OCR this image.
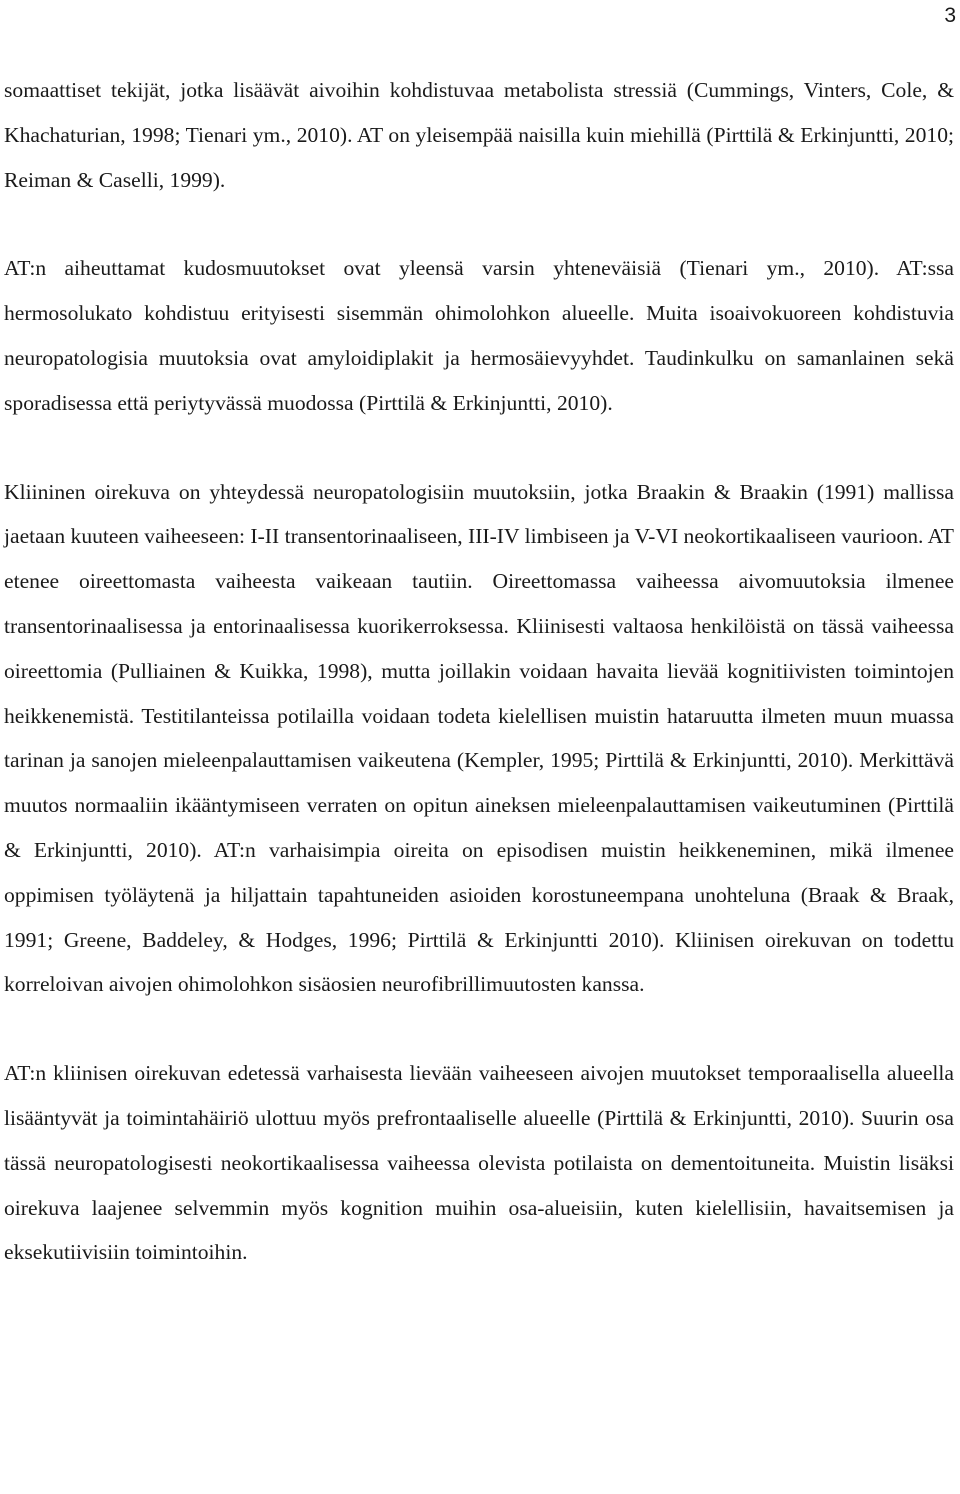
3

somaattiset tekijät, jotka lisäävät aivoihin kohdistuvaa metabolista stressiä (Cummings, Vinters, Cole, & Khachaturian, 1998; Tienari ym., 2010). AT on yleisempää naisilla kuin miehillä (Pirttilä & Erkinjuntti, 2010; Reiman & Caselli, 1999).

AT:n aiheuttamat kudosmuutokset ovat yleensä varsin yhteneväisiä (Tienari ym., 2010). AT:ssa hermosolukato kohdistuu erityisesti sisemmän ohimolohkon alueelle. Muita isoaivokuoreen kohdistuvia neuropatologisia muutoksia ovat amyloidiplakit ja hermosäievyyhdet. Taudinkulku on samanlainen sekä sporadisessa että periytyvässä muodossa (Pirttilä & Erkinjuntti, 2010).

Kliininen oirekuva on yhteydessä neuropatologisiin muutoksiin, jotka Braakin & Braakin (1991) mallissa jaetaan kuuteen vaiheeseen: I-II transentorinaaliseen, III-IV limbiseen ja V-VI neokortikaaliseen vaurioon. AT etenee oireettomasta vaiheesta vaikeaan tautiin. Oireettomassa vaiheessa aivomuutoksia ilmenee transentorinaalisessa ja entorinaalisessa kuorikerroksessa. Kliinisesti valtaosa henkilöistä on tässä vaiheessa oireettomia (Pulliainen & Kuikka, 1998), mutta joillakin voidaan havaita lievää kognitiivisten toimintojen heikkenemistä. Testitilanteissa potilailla voidaan todeta kielellisen muistin hataruutta ilmeten muun muassa tarinan ja sanojen mieleenpalauttamisen vaikeutena (Kempler, 1995; Pirttilä & Erkinjuntti, 2010). Merkittävä muutos normaaliin ikääntymiseen verraten on opitun aineksen mieleenpalauttamisen vaikeutuminen (Pirttilä & Erkinjuntti, 2010). AT:n varhaisimpia oireita on episodisen muistin heikkeneminen, mikä ilmenee oppimisen työläytenä ja hiljattain tapahtuneiden asioiden korostuneempana unohteluna (Braak & Braak, 1991; Greene, Baddeley, & Hodges, 1996; Pirttilä & Erkinjuntti 2010). Kliinisen oirekuvan on todettu korreloivan aivojen ohimolohkon sisäosien neurofibrillimuutosten kanssa.

AT:n kliinisen oirekuvan edetessä varhaisesta lievään vaiheeseen aivojen muutokset temporaalisella alueella lisääntyvät ja toimintahäiriö ulottuu myös prefrontaaliselle alueelle (Pirttilä & Erkinjuntti, 2010). Suurin osa tässä neuropatologisesti neokortikaalisessa vaiheessa olevista potilaista on dementoituneita. Muistin lisäksi oirekuva laajenee selvemmin myös kognition muihin osa-alueisiin, kuten kielellisiin, havaitsemisen ja eksekutiivisiin toimintoihin.
